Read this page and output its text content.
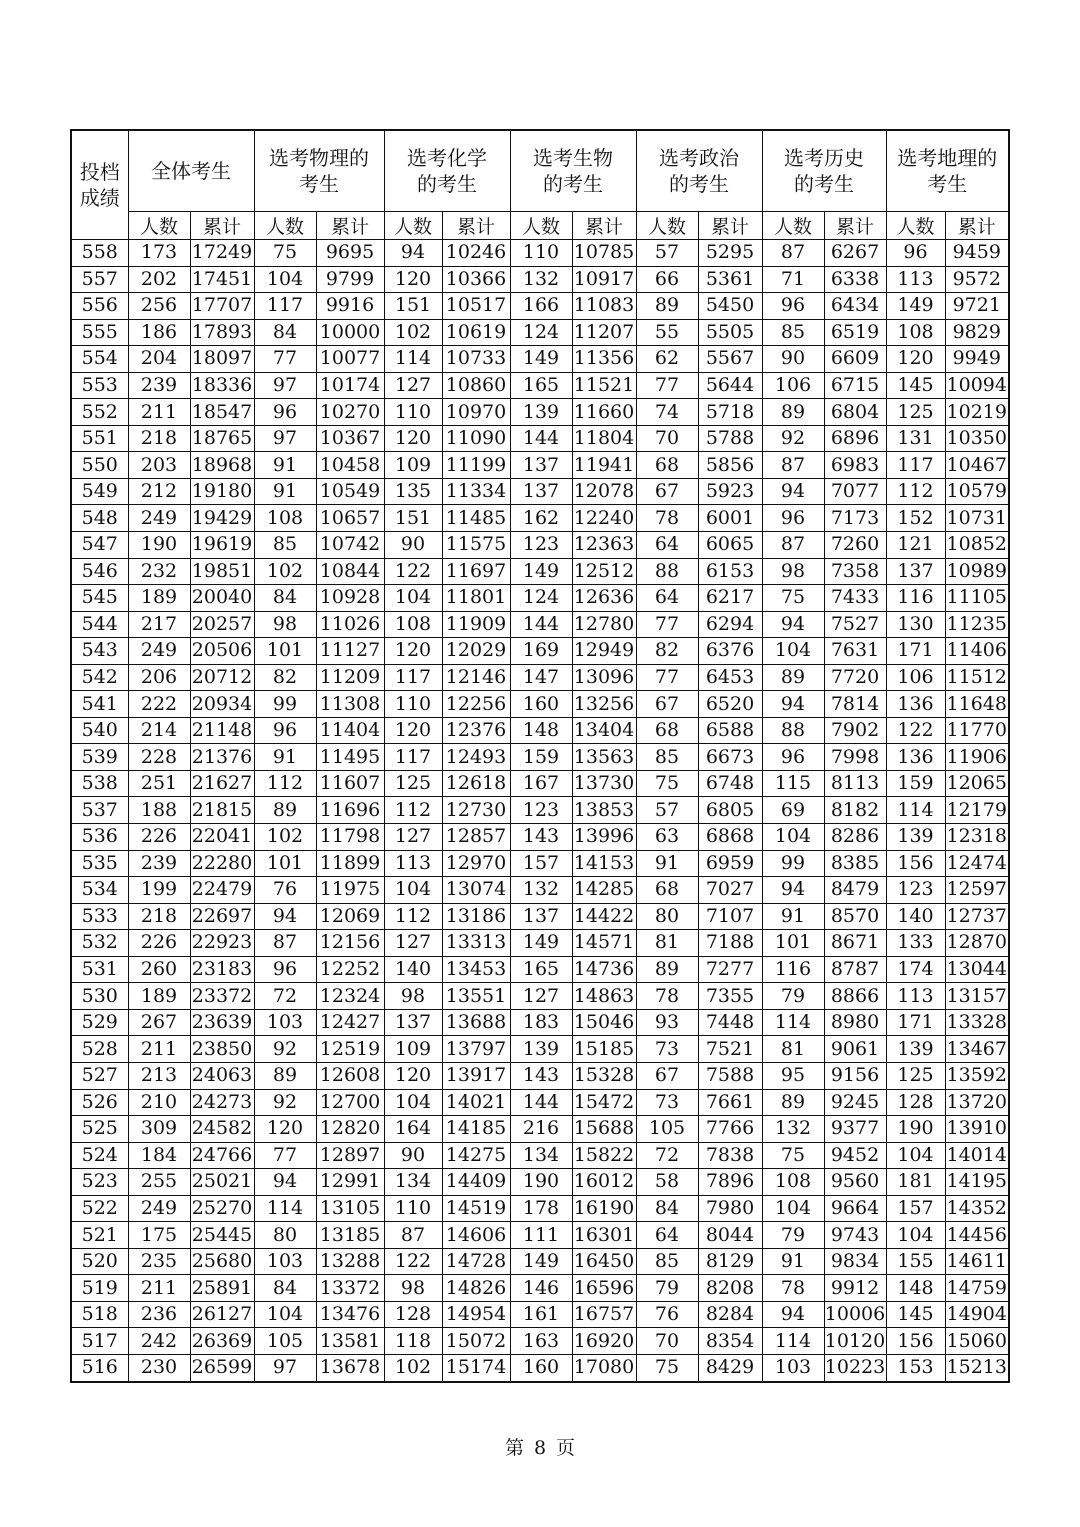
投档成绩	全体考生		选考物理的考生		选考化学的考生		选考生物的考生		选考政治的考生		选考历史的考生		选考地理的考生	
	人数	累计	人数	累计	人数	累计	人数	累计	人数	累计	人数	累计	人数	累计
558	173	17249	75	9695	94	10246	110	10785	57	5295	87	6267	96	9459
557	202	17451	104	9799	120	10366	132	10917	66	5361	71	6338	113	9572
556	256	17707	117	9916	151	10517	166	11083	89	5450	96	6434	149	9721
555	186	17893	84	10000	102	10619	124	11207	55	5505	85	6519	108	9829
554	204	18097	77	10077	114	10733	149	11356	62	5567	90	6609	120	9949
553	239	18336	97	10174	127	10860	165	11521	77	5644	106	6715	145	10094
552	211	18547	96	10270	110	10970	139	11660	74	5718	89	6804	125	10219
551	218	18765	97	10367	120	11090	144	11804	70	5788	92	6896	131	10350
550	203	18968	91	10458	109	11199	137	11941	68	5856	87	6983	117	10467
549	212	19180	91	10549	135	11334	137	12078	67	5923	94	7077	112	10579
548	249	19429	108	10657	151	11485	162	12240	78	6001	96	7173	152	10731
547	190	19619	85	10742	90	11575	123	12363	64	6065	87	7260	121	10852
546	232	19851	102	10844	122	11697	149	12512	88	6153	98	7358	137	10989
545	189	20040	84	10928	104	11801	124	12636	64	6217	75	7433	116	11105
544	217	20257	98	11026	108	11909	144	12780	77	6294	94	7527	130	11235
543	249	20506	101	11127	120	12029	169	12949	82	6376	104	7631	171	11406
542	206	20712	82	11209	117	12146	147	13096	77	6453	89	7720	106	11512
541	222	20934	99	11308	110	12256	160	13256	67	6520	94	7814	136	11648
540	214	21148	96	11404	120	12376	148	13404	68	6588	88	7902	122	11770
539	228	21376	91	11495	117	12493	159	13563	85	6673	96	7998	136	11906
538	251	21627	112	11607	125	12618	167	13730	75	6748	115	8113	159	12065
537	188	21815	89	11696	112	12730	123	13853	57	6805	69	8182	114	12179
536	226	22041	102	11798	127	12857	143	13996	63	6868	104	8286	139	12318
535	239	22280	101	11899	113	12970	157	14153	91	6959	99	8385	156	12474
534	199	22479	76	11975	104	13074	132	14285	68	7027	94	8479	123	12597
533	218	22697	94	12069	112	13186	137	14422	80	7107	91	8570	140	12737
532	226	22923	87	12156	127	13313	149	14571	81	7188	101	8671	133	12870
531	260	23183	96	12252	140	13453	165	14736	89	7277	116	8787	174	13044
530	189	23372	72	12324	98	13551	127	14863	78	7355	79	8866	113	13157
529	267	23639	103	12427	137	13688	183	15046	93	7448	114	8980	171	13328
528	211	23850	92	12519	109	13797	139	15185	73	7521	81	9061	139	13467
527	213	24063	89	12608	120	13917	143	15328	67	7588	95	9156	125	13592
526	210	24273	92	12700	104	14021	144	15472	73	7661	89	9245	128	13720
525	309	24582	120	12820	164	14185	216	15688	105	7766	132	9377	190	13910
524	184	24766	77	12897	90	14275	134	15822	72	7838	75	9452	104	14014
523	255	25021	94	12991	134	14409	190	16012	58	7896	108	9560	181	14195
522	249	25270	114	13105	110	14519	178	16190	84	7980	104	9664	157	14352
521	175	25445	80	13185	87	14606	111	16301	64	8044	79	9743	104	14456
520	235	25680	103	13288	122	14728	149	16450	85	8129	91	9834	155	14611
519	211	25891	84	13372	98	14826	146	16596	79	8208	78	9912	148	14759
518	236	26127	104	13476	128	14954	161	16757	76	8284	94	10006	145	14904
517	242	26369	105	13581	118	15072	163	16920	70	8354	114	10120	156	15060
516	230	26599	97	13678	102	15174	160	17080	75	8429	103	10223	153	15213
第 8 页
